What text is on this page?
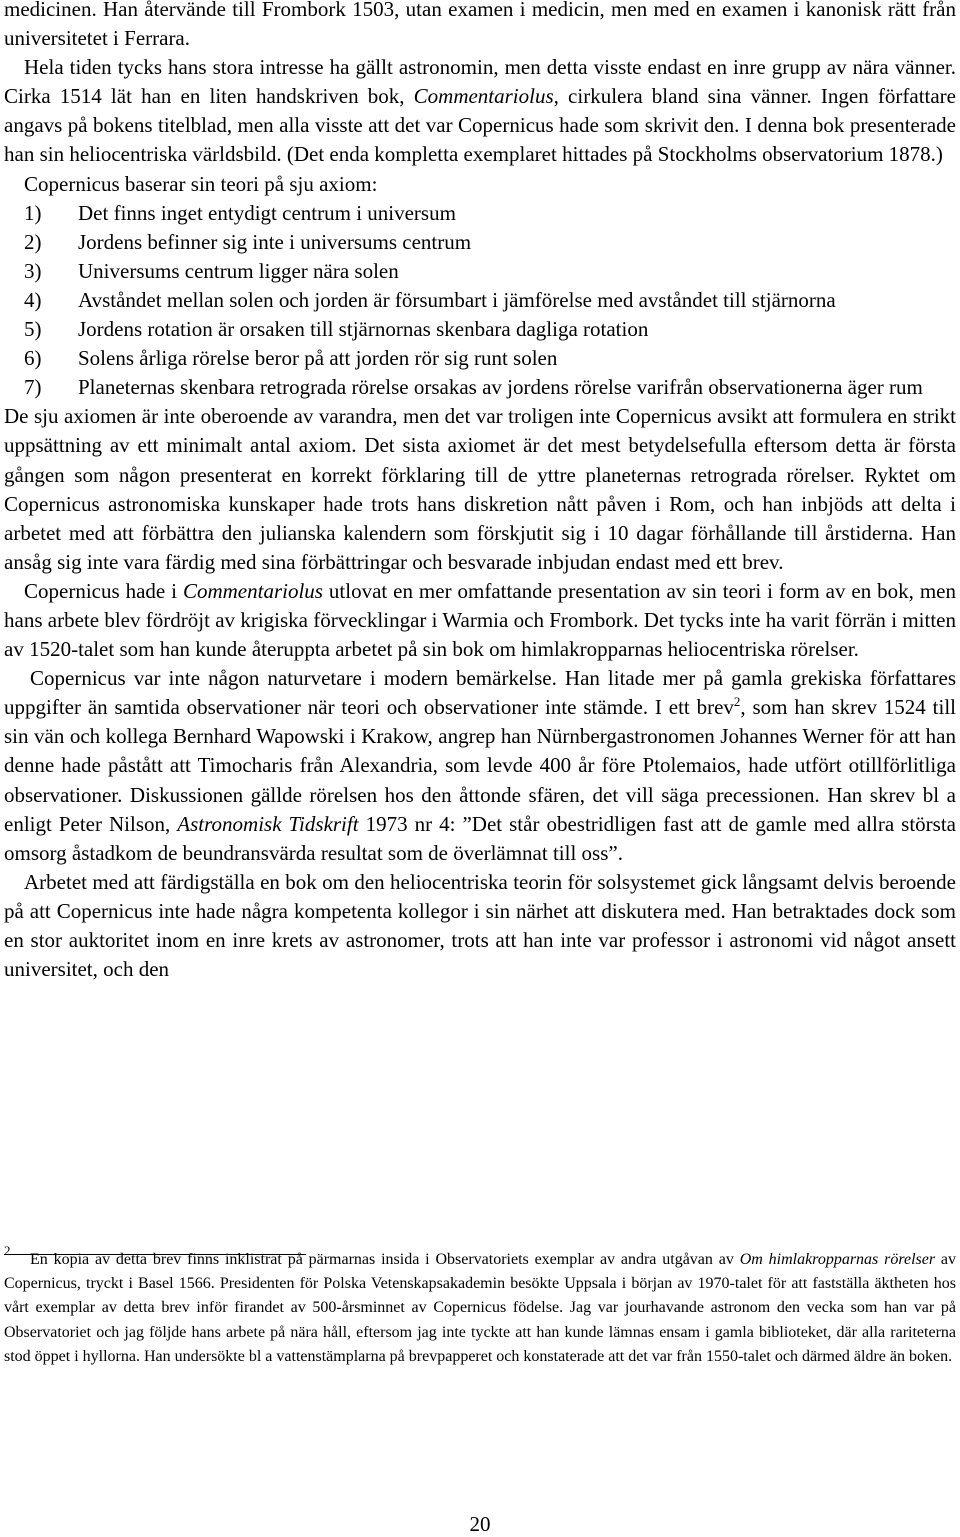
medicinen. Han återvände till Frombork 1503, utan examen i medicin, men med en examen i kanonisk rätt från universitetet i Ferrara.

Hela tiden tycks hans stora intresse ha gällt astronomin, men detta visste endast en inre grupp av nära vänner. Cirka 1514 lät han en liten handskriven bok, Commentariolus, cirkulera bland sina vänner. Ingen författare angavs på bokens titelblad, men alla visste att det var Copernicus hade som skrivit den. I denna bok presenterade han sin heliocentriska världsbild. (Det enda kompletta exemplaret hittades på Stockholms observatorium 1878.)

Copernicus baserar sin teori på sju axiom:

1)	Det finns inget entydigt centrum i universum
2)	Jordens befinner sig inte i universums centrum
3)	Universums centrum ligger nära solen
4)	Avståndet mellan solen och jorden är försumbart i jämförelse med avståndet till stjärnorna
5)	Jordens rotation är orsaken till stjärnornas skenbara dagliga rotation
6)	Solens årliga rörelse beror på att jorden rör sig runt solen
7)	Planeternas skenbara retrograda rörelse orsakas av jordens rörelse varifrån observationerna äger rum

De sju axiomen är inte oberoende av varandra, men det var troligen inte Copernicus avsikt att formulera en strikt uppsättning av ett minimalt antal axiom. Det sista axiomet är det mest betydelsefulla eftersom detta är första gången som någon presenterat en korrekt förklaring till de yttre planeternas retrograda rörelser. Ryktet om Copernicus astronomiska kunskaper hade trots hans diskretion nått påven i Rom, och han inbjöds att delta i arbetet med att förbättra den julianska kalendern som förskjutit sig i 10 dagar förhållande till årstiderna. Han ansåg sig inte vara färdig med sina förbättringar och besvarade inbjudan endast med ett brev.

Copernicus hade i Commentariolus utlovat en mer omfattande presentation av sin teori i form av en bok, men hans arbete blev fördröjt av krigiska förvecklingar i Warmia och Frombork. Det tycks inte ha varit förrän i mitten av 1520-talet som han kunde återuppta arbetet på sin bok om himlakropparnas heliocentriska rörelser.

Copernicus var inte någon naturvetare i modern bemärkelse. Han litade mer på gamla grekiska författares uppgifter än samtida observationer när teori och observationer inte stämde. I ett brev$^2$, som han skrev 1524 till sin vän och kollega Bernhard Wapowski i Krakow, angrep han Nürnbergastronomen Johannes Werner för att han denne hade påstått att Timocharis från Alexandria, som levde 400 år före Ptolemaios, hade utfört otillförlitliga observationer. Diskussionen gällde rörelsen hos den åttonde sfären, det vill säga precessionen. Han skrev bl a enligt Peter Nilson, Astronomisk Tidskrift 1973 nr 4: ”Det står obestridligen fast att de gamle med allra största omsorg åstadkom de beundransvärda resultat som de överlämnat till oss”.

Arbetet med att färdigställa en bok om den heliocentriska teorin för solsystemet gick långsamt delvis beroende på att Copernicus inte hade några kompetenta kollegor i sin närhet att diskutera med. Han betraktades dock som en stor auktoritet inom en inre krets av astronomer, trots att han inte var professor i astronomi vid något ansett universitet, och den

2En kopia av detta brev finns inklistrat på pärmarnas insida i Observatoriets exemplar av andra utgåvan av Om himlakropparnas rörelser av Copernicus, tryckt i Basel 1566. Presidenten för Polska Vetenskapsakademin besökte Uppsala i början av 1970-talet för att fastställa äktheten hos vårt exemplar av detta brev inför firandet av 500-årsminnet av Copernicus födelse. Jag var jourhavande astronom den vecka som han var på Observatoriet och jag följde hans arbete på nära håll, eftersom jag inte tyckte att han kunde lämnas ensam i gamla biblioteket, där alla rariteterna stod öppet i hyllorna. Han undersökte bl a vattenstämplarna på brevpapperet och konstaterade att det var från 1550-talet och därmed äldre än boken.

20
